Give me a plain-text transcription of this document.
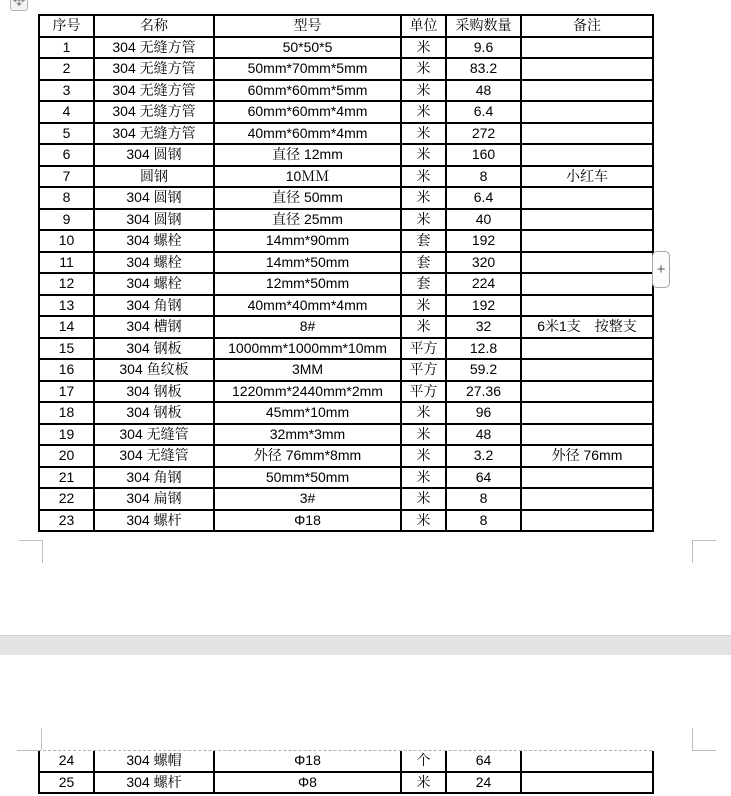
序号	名称	型号	单位	采购数量	备注
1	304 无缝方管	50*50*5	米	9.6	
2	304 无缝方管	50mm*70mm*5mm	米	83.2	
3	304 无缝方管	60mm*60mm*5mm	米	48	
4	304 无缝方管	60mm*60mm*4mm	米	6.4	
5	304 无缝方管	40mm*60mm*4mm	米	272	
6	304 圆钢	直径 12mm	米	160	
7	圆钢	10ＭＭ	米	8	小红车
8	304 圆钢	直径 50mm	米	6.4	
9	304 圆钢	直径 25mm	米	40	
10	304 螺栓	14mm*90mm	套	192	
11	304 螺栓	14mm*50mm	套	320	
12	304 螺栓	12mm*50mm	套	224	
13	304 角钢	40mm*40mm*4mm	米	192	
14	304 槽钢	8#	米	32	6米1支　按整支
15	304 钢板	1000mm*1000mm*10mm	平方	12.8	
16	304 鱼纹板	3MM	平方	59.2	
17	304 钢板	1220mm*2440mm*2mm	平方	27.36	
18	304 钢板	45mm*10mm	米	96	
19	304 无缝管	32mm*3mm	米	48	
20	304 无缝管	外径 76mm*8mm	米	3.2	外径 76mm
21	304 角钢	50mm*50mm	米	64	
22	304 扁钢	3#	米	8	
23	304 螺杆	Φ18	米	8	
+
24	304 螺帽	Φ18	个	64	
25	304 螺杆	Φ8	米	24	
